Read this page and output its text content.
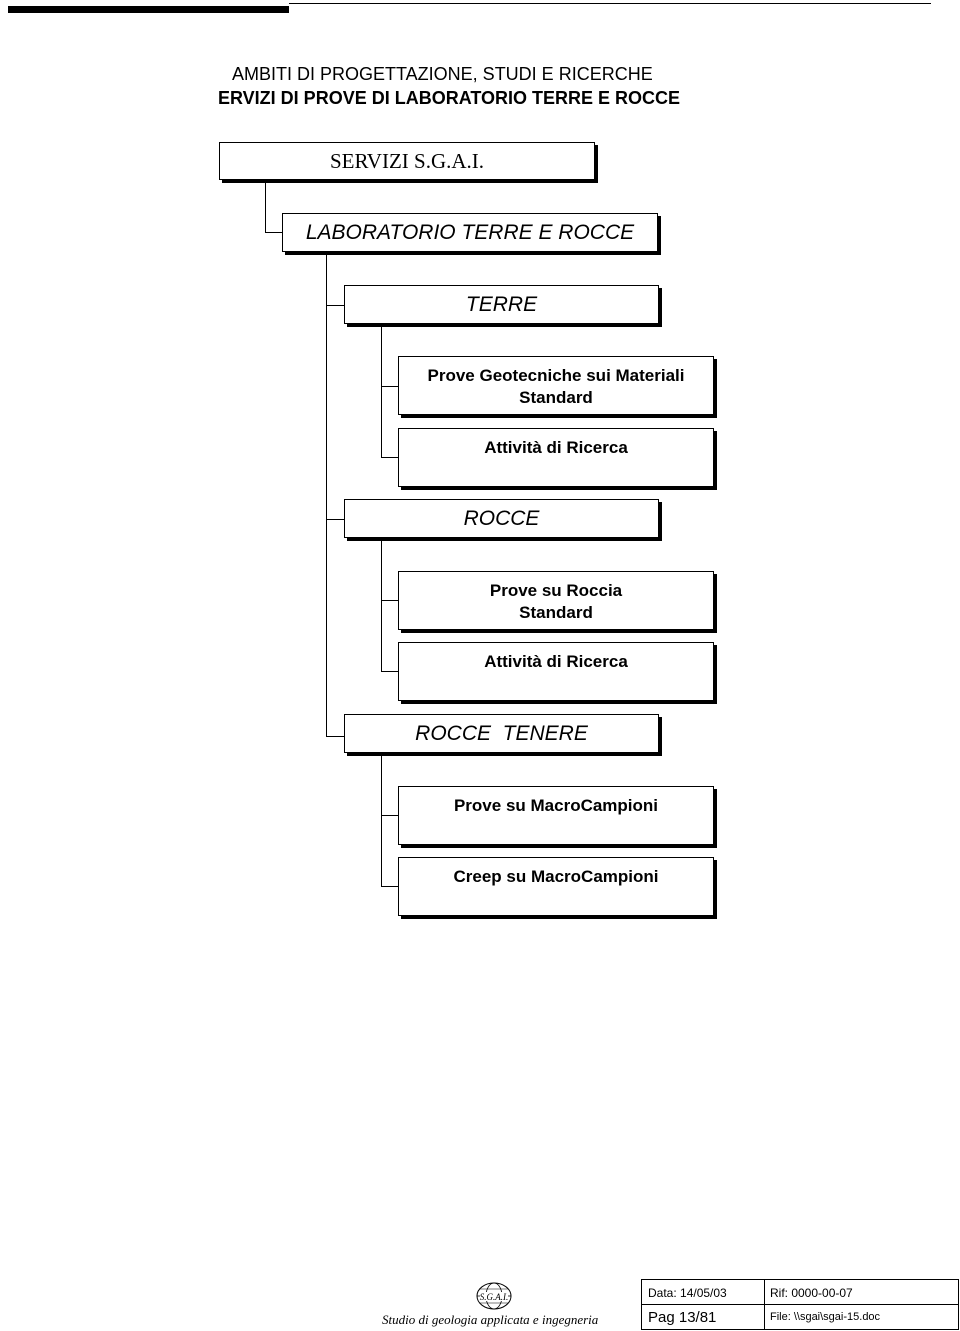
AMBITI DI PROGETTAZIONE, STUDI E RICERCHE
ERVIZI DI PROVE DI LABORATORIO TERRE E ROCCE
SERVIZI S.G.A.I.
LABORATORIO TERRE E ROCCE
TERRE
Prove Geotecniche sui Materiali
Standard
Attività di Ricerca
ROCCE
Prove su Roccia
Standard
Attività di Ricerca
ROCCE  TENERE
Prove su MacroCampioni
Creep su MacroCampioni
S.G.A.I.
Studio di geologia applicata e ingegneria
Data: 14/05/03	Rif: 0000-00-07
Pag 13/81	File: \\sgai\sgai-15.doc
